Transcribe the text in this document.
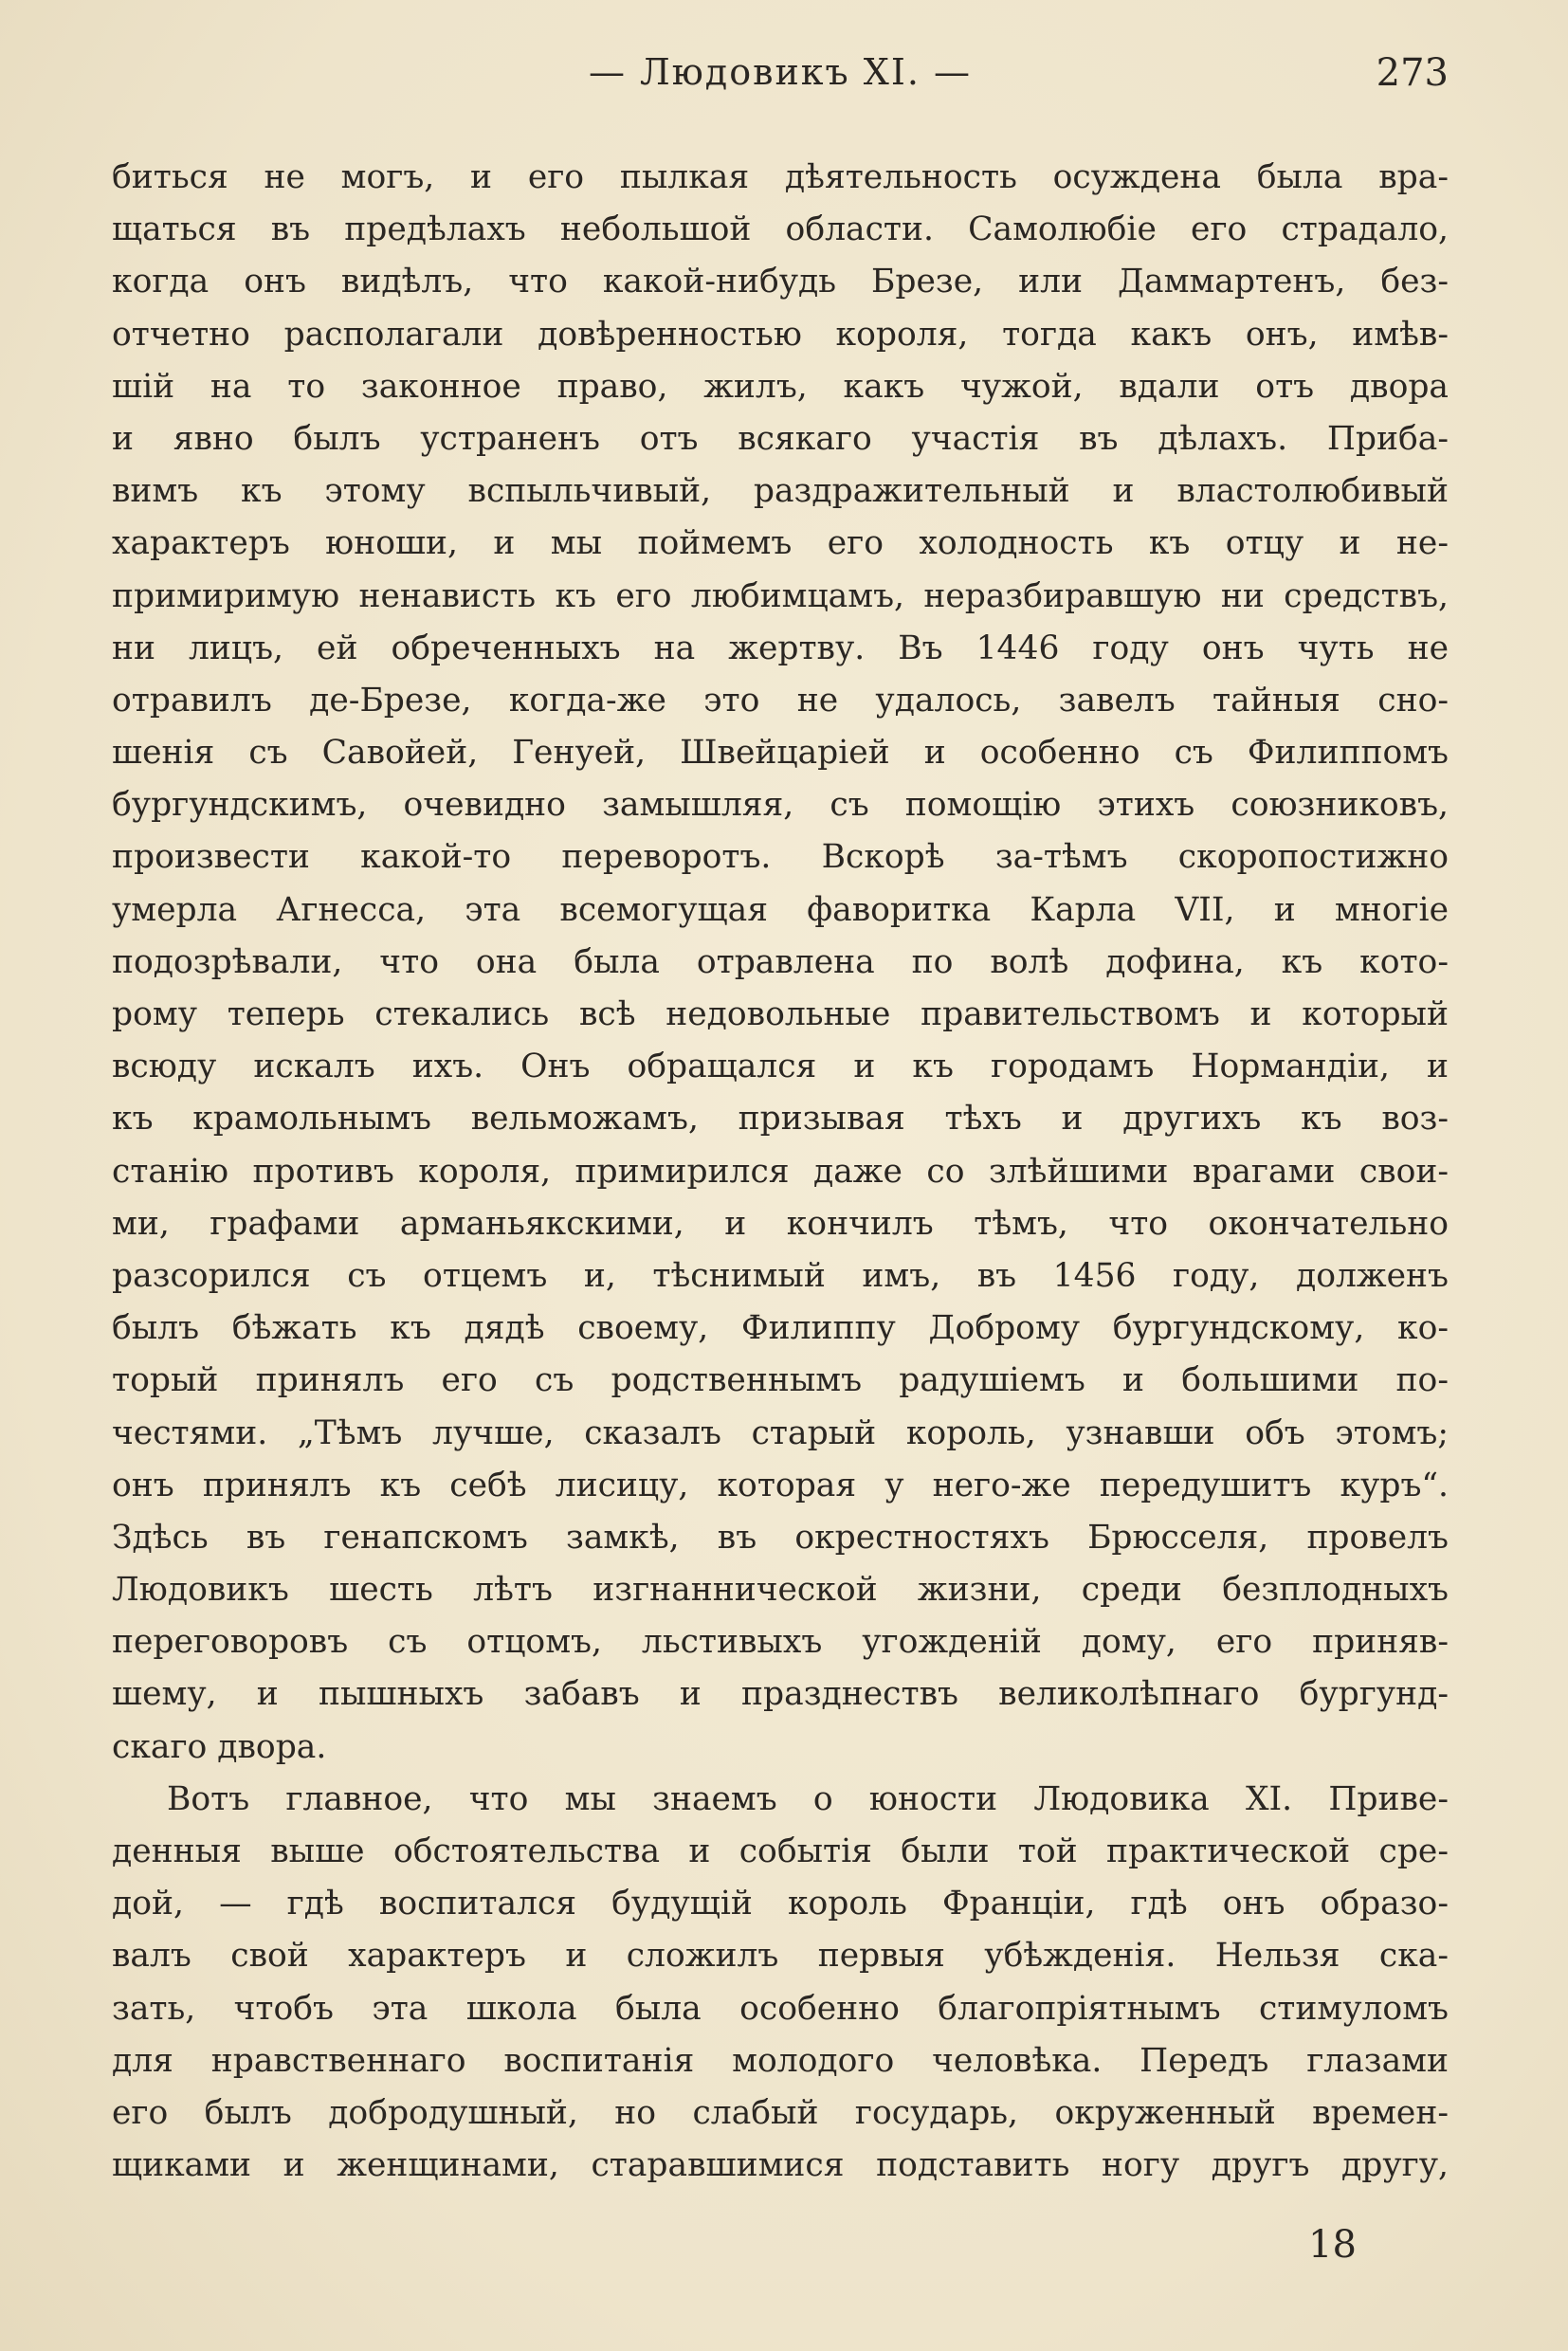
— Людовикъ XI. —	273
биться не могъ, и его пылкая дѣятельность осуждена была вра-
щаться въ предѣлахъ небольшой области. Самолюбіе его страдало,
когда онъ видѣлъ, что какой-нибудь Брезе, или Даммартенъ, без-
отчетно располагали довѣренностью короля, тогда какъ онъ, имѣв-
шій на то законное право, жилъ, какъ чужой, вдали отъ двора
и явно былъ устраненъ отъ всякаго участія въ дѣлахъ. Приба-
вимъ къ этому вспыльчивый, раздражительный и властолюбивый
характеръ юноши, и мы поймемъ его холодность къ отцу и не-
примиримую ненависть къ его любимцамъ, неразбиравшую ни средствъ,
ни лицъ, ей обреченныхъ на жертву. Въ 1446 году онъ чуть не
отравилъ де-Брезе, когда-же это не удалось, завелъ тайныя сно-
шенія съ Савойей, Генуей, Швейцаріей и особенно съ Филиппомъ
бургундскимъ, очевидно замышляя, съ помощію этихъ союзниковъ,
произвести какой-то переворотъ. Вскорѣ за-тѣмъ скоропостижно
умерла Агнесса, эта всемогущая фаворитка Карла VII, и многіе
подозрѣвали, что она была отравлена по волѣ дофина, къ кото-
рому теперь стекались всѣ недовольные правительствомъ и который
всюду искалъ ихъ. Онъ обращался и къ городамъ Нормандіи, и
къ крамольнымъ вельможамъ, призывая тѣхъ и другихъ къ воз-
станію противъ короля, примирился даже со злѣйшими врагами свои-
ми, графами арманьякскими, и кончилъ тѣмъ, что окончательно
разсорился съ отцемъ и, тѣснимый имъ, въ 1456 году, долженъ
былъ бѣжать къ дядѣ своему, Филиппу Доброму бургундскому, ко-
торый принялъ его съ родственнымъ радушіемъ и большими по-
честями. „Тѣмъ лучше, сказалъ старый король, узнавши объ этомъ;
онъ принялъ къ себѣ лисицу, которая у него-же передушитъ куръ“.
Здѣсь въ генапскомъ замкѣ, въ окрестностяхъ Брюсселя, провелъ
Людовикъ шесть лѣтъ изгнаннической жизни, среди безплодныхъ
переговоровъ съ отцомъ, льстивыхъ угожденій дому, его приняв-
шему, и пышныхъ забавъ и празднествъ великолѣпнаго бургунд-
скаго двора.
Вотъ главное, что мы знаемъ о юности Людовика XI. Приве-
денныя выше обстоятельства и событія были той практической сре-
дой, — гдѣ воспитался будущій король Франціи, гдѣ онъ образо-
валъ свой характеръ и сложилъ первыя убѣжденія. Нельзя ска-
зать, чтобъ эта школа была особенно благопріятнымъ стимуломъ
для нравственнаго воспитанія молодого человѣка. Передъ глазами
его былъ добродушный, но слабый государь, окруженный времен-
щиками и женщинами, старавшимися подставить ногу другъ другу,
18
